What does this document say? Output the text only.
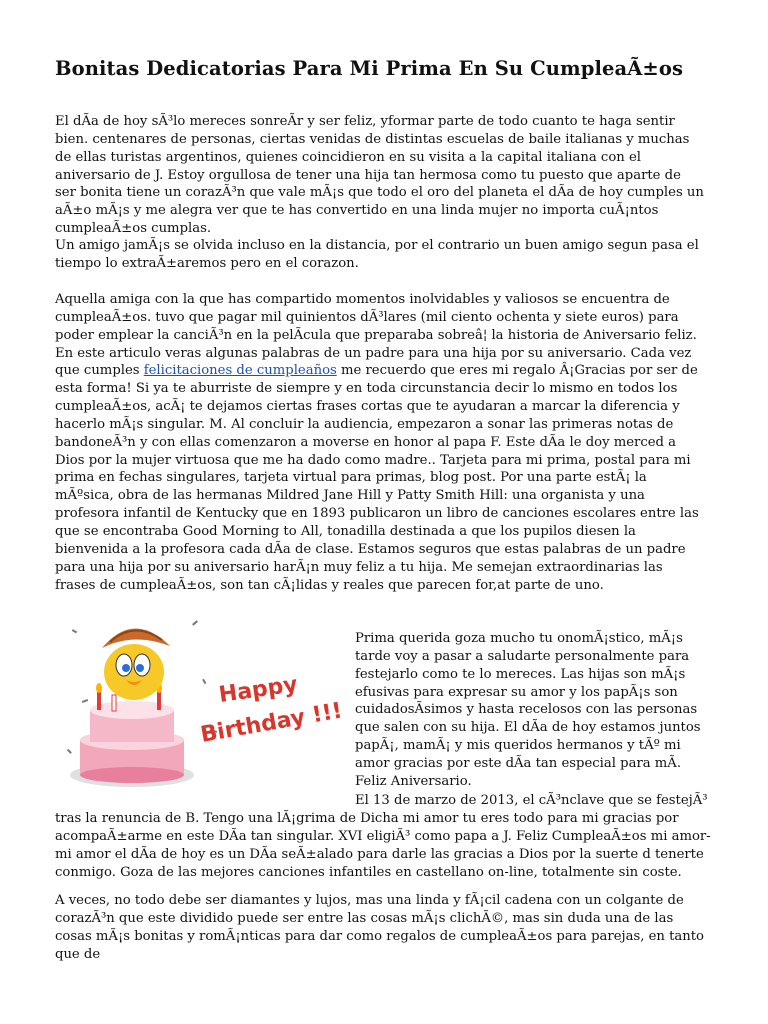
Bonitas Dedicatorias Para Mi Prima En Su CumpleaÃ±os

El dÃa de hoy sÃ³lo mereces sonreÃr y ser feliz, yformar parte de todo cuanto te haga sentir bien. centenares de personas, ciertas venidas de distintas escuelas de baile italianas y muchas de ellas turistas argentinos, quienes coincidieron en su visita a la capital italiana con el aniversario de J. Estoy orgullosa de tener una hija tan hermosa como tu puesto que aparte de ser bonita tiene un corazÃ³n que vale mÃ¡s que todo el oro del planeta el dÃa de hoy cumples un aÃ±o mÃ¡s y me alegra ver que te has convertido en una linda mujer no importa cuÃ¡ntos cumpleaÃ±os cumplas.

Un amigo jamÃ¡s se olvida incluso en la distancia, por el contrario un buen amigo segun pasa el tiempo lo extraÃ±aremos pero en el corazon.

Aquella amiga con la que has compartido momentos inolvidables y valiosos se encuentra de cumpleaÃ±os. tuvo que pagar mil quinientos dÃ³lares (mil ciento ochenta y siete euros) para poder emplear la canciÃ³n en la pelÃcula que preparaba sobreâ¦ la historia de Aniversario feliz. En este articulo veras algunas palabras de un padre para una hija por su aniversario. Cada vez que cumples felicitaciones de cumpleaños me recuerdo que eres mi regalo Â¡Gracias por ser de esta forma! Si ya te aburriste de siempre y en toda circunstancia decir lo mismo en todos los cumpleaÃ±os, acÃ¡ te dejamos ciertas frases cortas que te ayudaran a marcar la diferencia y hacerlo mÃ¡s singular. M. Al concluir la audiencia, empezaron a sonar las primeras notas de bandoneÃ³n y con ellas comenzaron a moverse en honor al papa F. Este dÃa le doy merced a Dios por la mujer virtuosa que me ha dado como madre.. Tarjeta para mi prima, postal para mi prima en fechas singulares, tarjeta virtual para primas, blog post. Por una parte estÃ¡ la mÃºsica, obra de las hermanas Mildred Jane Hill y Patty Smith Hill: una organista y una profesora infantil de Kentucky que en 1893 publicaron un libro de canciones escolares entre las que se encontraba Good Morning to All, tonadilla destinada a que los pupilos diesen la bienvenida a la profesora cada dÃa de clase. Estamos seguros que estas palabras de un padre para una hija por su aniversario harÃ¡n muy feliz a tu hija. Me semejan extraordinarias las frases de cumpleaÃ±os, son tan cÃ¡lidas y reales que parecen for,at parte de uno.

A veces, no todo debe ser diamantes y lujos, mas una linda y fÃ¡cil cadena con un colgante de corazÃ³n que este dividido puede ser entre las cosas mÃ¡s clichÃ©, mas sin duda una de las cosas mÃ¡s bonitas y romÃ¡nticas para dar como regalos de cumpleaÃ±os para parejas, en tanto que de

Happy
Birthday !!!

Prima querida goza mucho tu onomÃ¡stico, mÃ¡s tarde voy a pasar a saludarte personalmente para festejarlo como te lo mereces. Las hijas son mÃ¡s efusivas para expresar su amor y los papÃ¡s son cuidadosÃsimos y hasta recelosos con las personas que salen con su hija. El dÃa de hoy estamos juntos papÃ¡, mamÃ¡ y mis queridos hermanos y tÃº mi amor gracias por este dÃa tan especial para mÃ. Feliz Aniversario.

El 13 de marzo de 2013, el cÃ³nclave que se festejÃ³

tras la renuncia de B. Tengo una lÃ¡grima de Dicha mi amor tu eres todo para mi gracias por acompaÃ±arme en este DÃa tan singular. XVI eligiÃ³ como papa a J. Feliz CumpleaÃ±os mi amor- mi amor el dÃa de hoy es un DÃa seÃ±alado para darle las gracias a Dios por la suerte d tenerte conmigo. Goza de las mejores canciones infantiles en castellano on-line, totalmente sin coste.
